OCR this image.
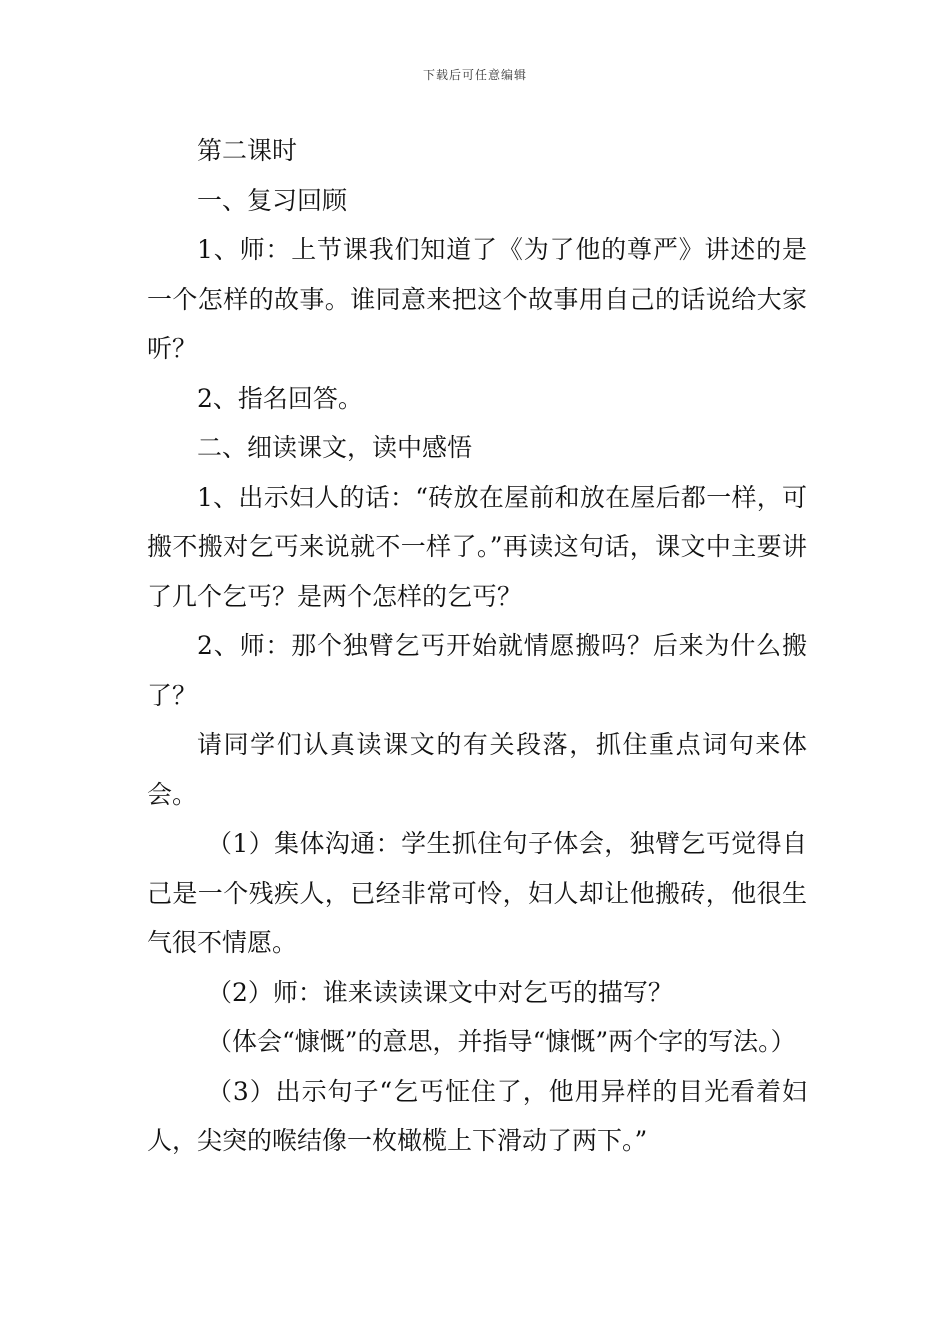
下载后可任意编辑

第二课时

一、复习回顾

1、师：上节课我们知道了《为了他的尊严》讲述的是一个怎样的故事。谁同意来把这个故事用自己的话说给大家听？

2、指名回答。

二、细读课文，读中感悟

1、出示妇人的话：“砖放在屋前和放在屋后都一样，可搬不搬对乞丐来说就不一样了。”再读这句话，课文中主要讲了几个乞丐？是两个怎样的乞丐？

2、师：那个独臂乞丐开始就情愿搬吗？后来为什么搬了？

请同学们认真读课文的有关段落，抓住重点词句来体会。

（1）集体沟通：学生抓住句子体会，独臂乞丐觉得自己是一个残疾人，已经非常可怜，妇人却让他搬砖，他很生气很不情愿。

（2）师：谁来读读课文中对乞丐的描写？

（体会“慷慨”的意思，并指导“慷慨”两个字的写法。）

（3）出示句子“乞丐怔住了，他用异样的目光看着妇人，尖突的喉结像一枚橄榄上下滑动了两下。”
